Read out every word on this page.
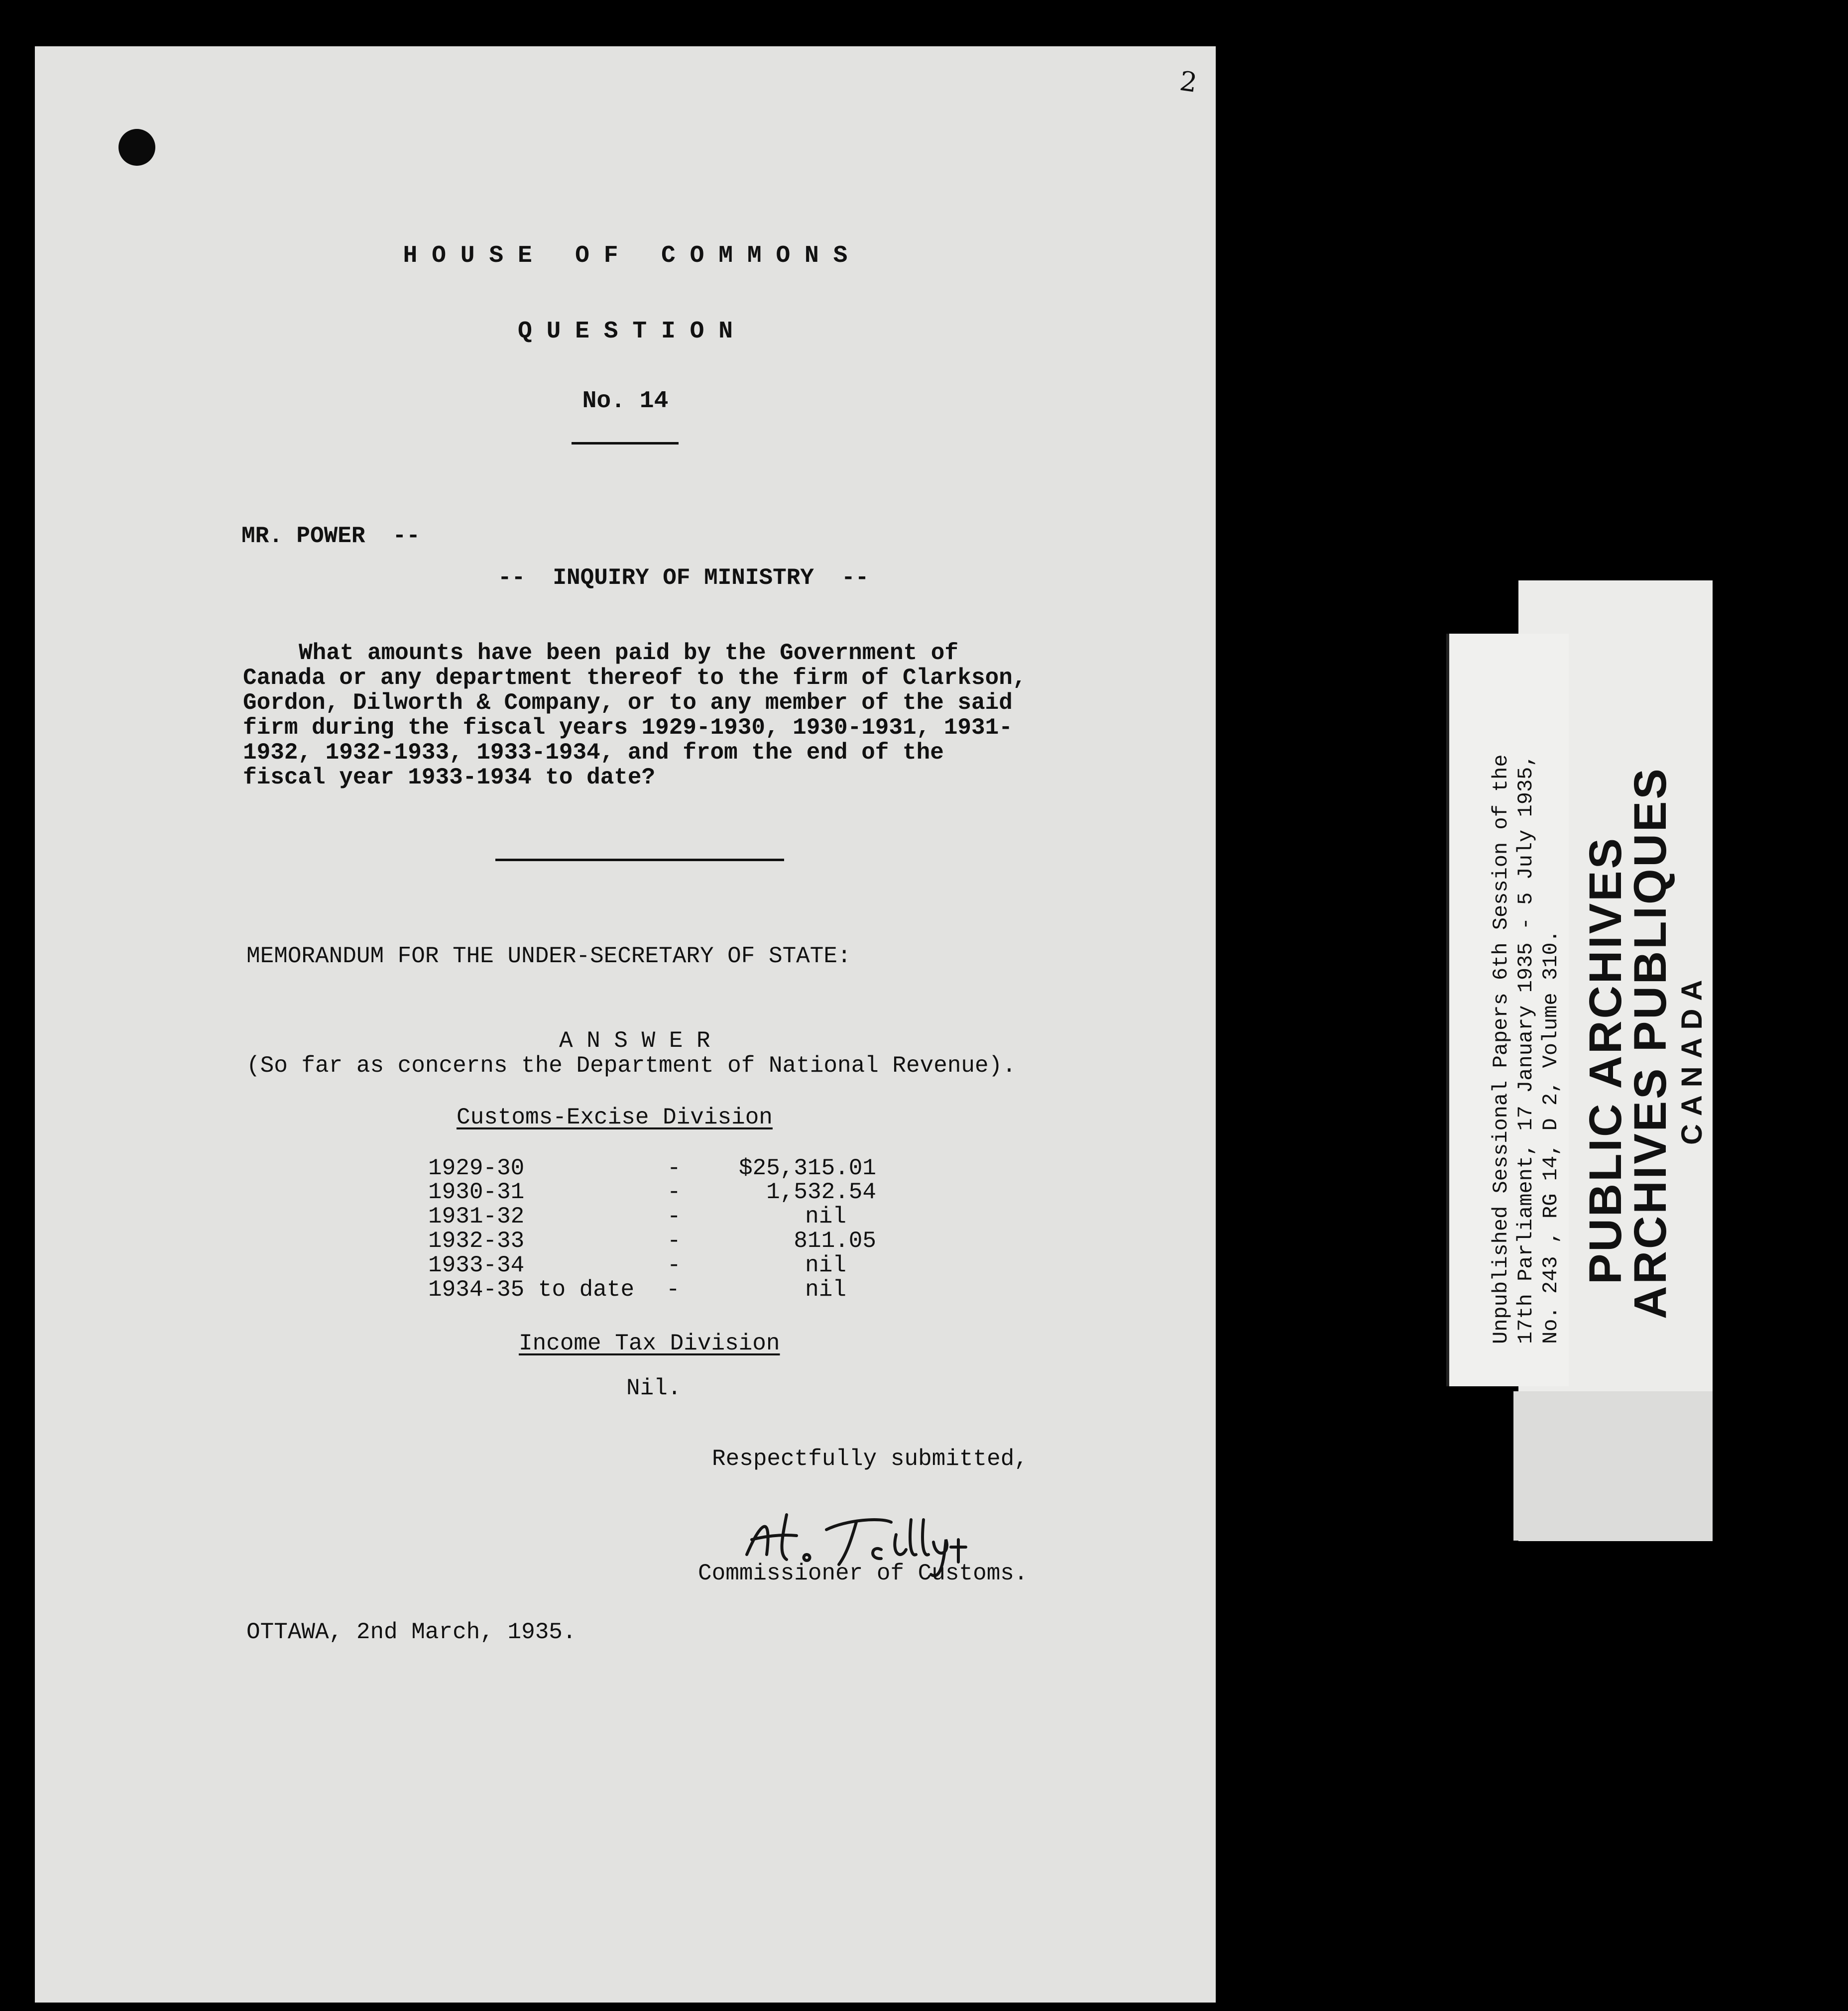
2
H O U S E   O F   C O M M O N S
Q U E S T I O N
No. 14
MR. POWER  --
--  INQUIRY OF MINISTRY  --
What amounts have been paid by the Government of
Canada or any department thereof to the firm of Clarkson,
Gordon, Dilworth & Company, or to any member of the said
firm during the fiscal years 1929-1930, 1930-1931, 1931-
1932, 1932-1933, 1933-1934, and from the end of the
fiscal year 1933-1934 to date?
MEMORANDUM FOR THE UNDER-SECRETARY OF STATE:
A N S W E R
(So far as concerns the Department of National Revenue).
Customs-Excise Division
1929-30	-	$25,315.01
1930-31	-	1,532.54
1931-32	-	nil
1932-33	-	811.05
1933-34	-	nil
1934-35 to date -	nil
Income Tax Division
Nil.
Respectfully submitted,
Commissioner of Customs.
OTTAWA, 2nd March, 1935.
Unpublished Sessional Papers 6th Session of the 17th Parliament, 17 January 1935 - 5 July 1935, No. 243 , RG 14, D 2, Volume 310. PUBLIC ARCHIVES
ARCHIVES PUBLIQUES CANADA
